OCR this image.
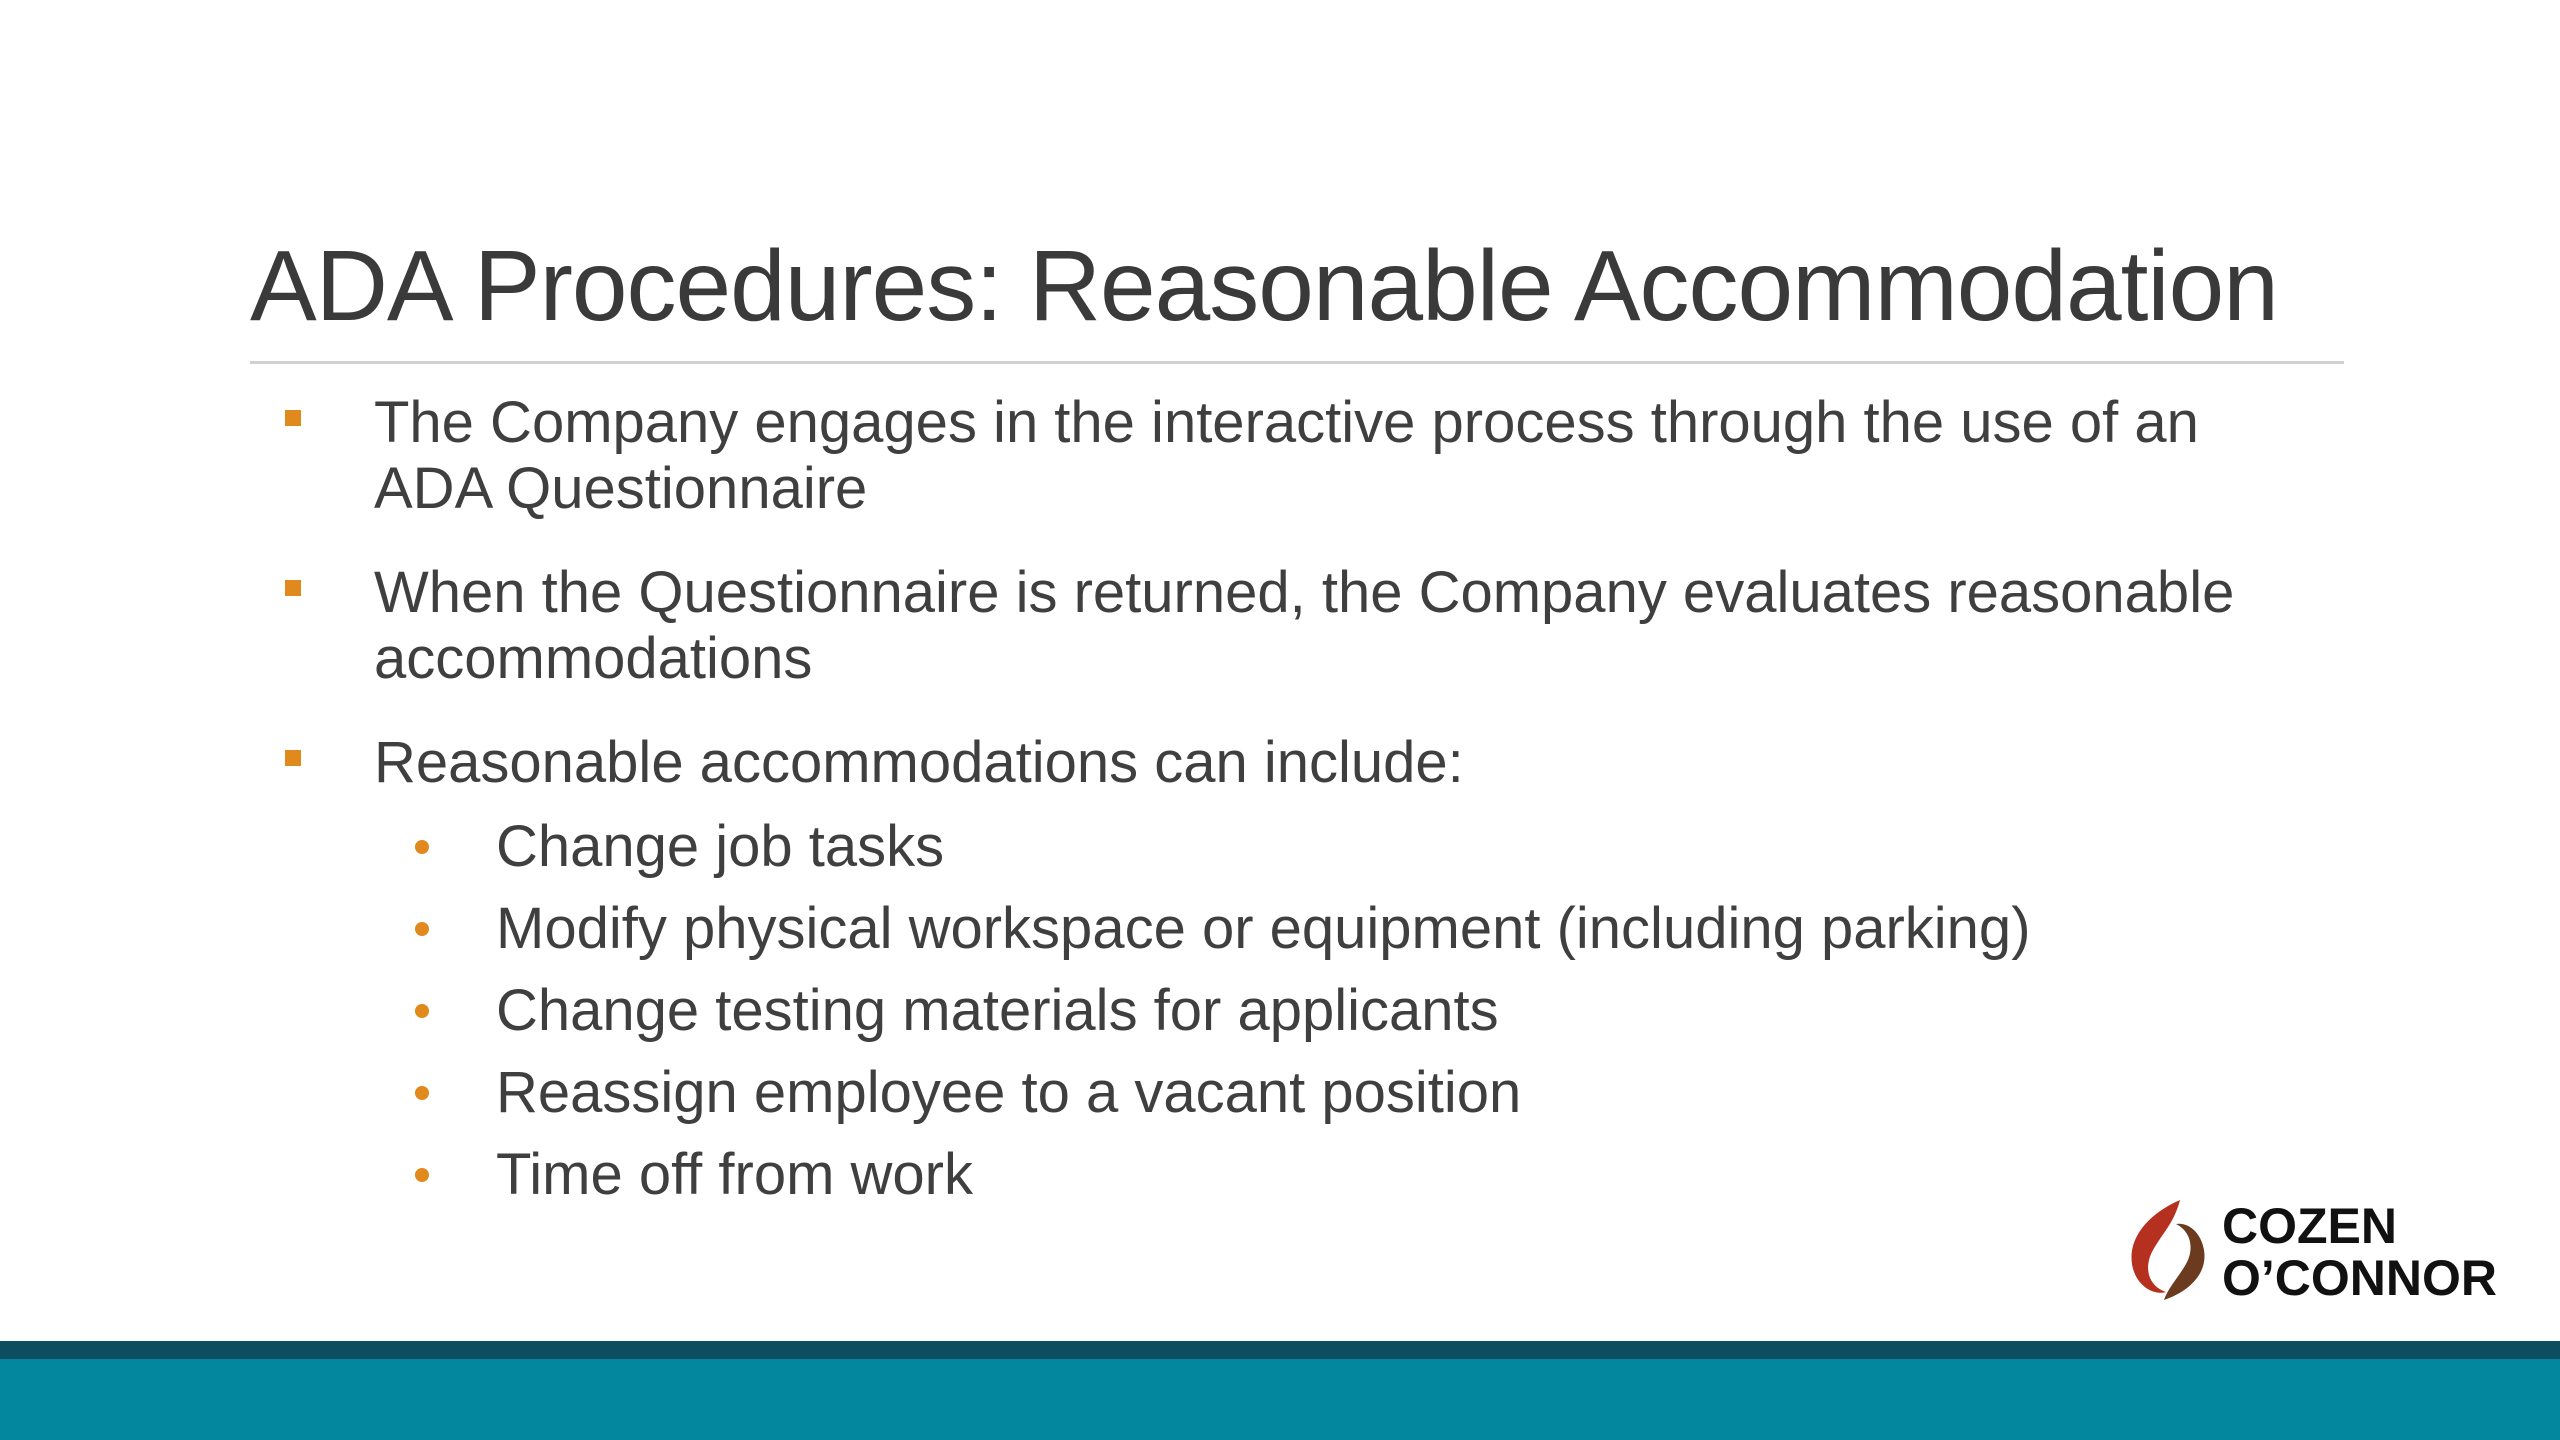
ADA Procedures: Reasonable Accommodation
The Company engages in the interactive process through the use of an ADA Questionnaire
When the Questionnaire is returned, the Company evaluates reasonable accommodations
Reasonable accommodations can include:
Change job tasks
Modify physical workspace or equipment (including parking)
Change testing materials for applicants
Reassign employee to a vacant position
Time off from work
COZEN
O’CONNOR
